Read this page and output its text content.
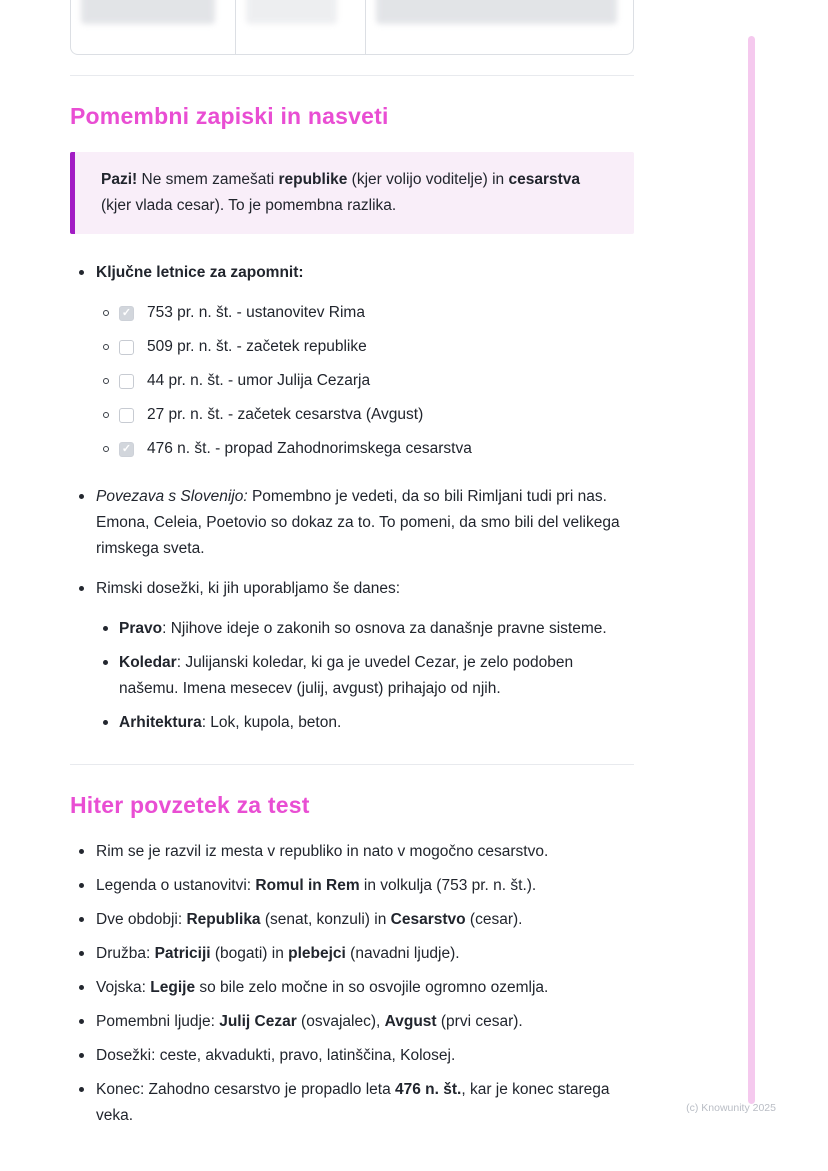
Pomembni zapiski in nasveti

Pazi! Ne smem zamešati republike (kjer volijo voditelje) in cesarstva (kjer vlada cesar). To je pomembna razlika.

Ključne letnice za zapomnit:

✓
753 pr. n. št. - ustanovitev Rima
509 pr. n. št. - začetek republike
44 pr. n. št. - umor Julija Cezarja
27 pr. n. št. - začetek cesarstva (Avgust)
✓
476 n. št. - propad Zahodnorimskega cesarstva

Povezava s Slovenijo: Pomembno je vedeti, da so bili Rimljani tudi pri nas. Emona, Celeia, Poetovio so dokaz za to. To pomeni, da smo bili del velikega rimskega sveta.

Rimski dosežki, ki jih uporabljamo še danes:

Pravo: Njihove ideje o zakonih so osnova za današnje pravne sisteme.

Koledar: Julijanski koledar, ki ga je uvedel Cezar, je zelo podoben našemu. Imena mesecev (julij, avgust) prihajajo od njih.

Arhitektura: Lok, kupola, beton.

Hiter povzetek za test

Rim se je razvil iz mesta v republiko in nato v mogočno cesarstvo.

Legenda o ustanovitvi: Romul in Rem in volkulja (753 pr. n. št.).

Dve obdobji: Republika (senat, konzuli) in Cesarstvo (cesar).

Družba: Patriciji (bogati) in plebejci (navadni ljudje).

Vojska: Legije so bile zelo močne in so osvojile ogromno ozemlja.

Pomembni ljudje: Julij Cezar (osvajalec), Avgust (prvi cesar).

Dosežki: ceste, akvadukti, pravo, latinščina, Kolosej.

Konec: Zahodno cesarstvo je propadlo leta 476 n. št., kar je konec starega veka.	(c) Knowunity 2025
